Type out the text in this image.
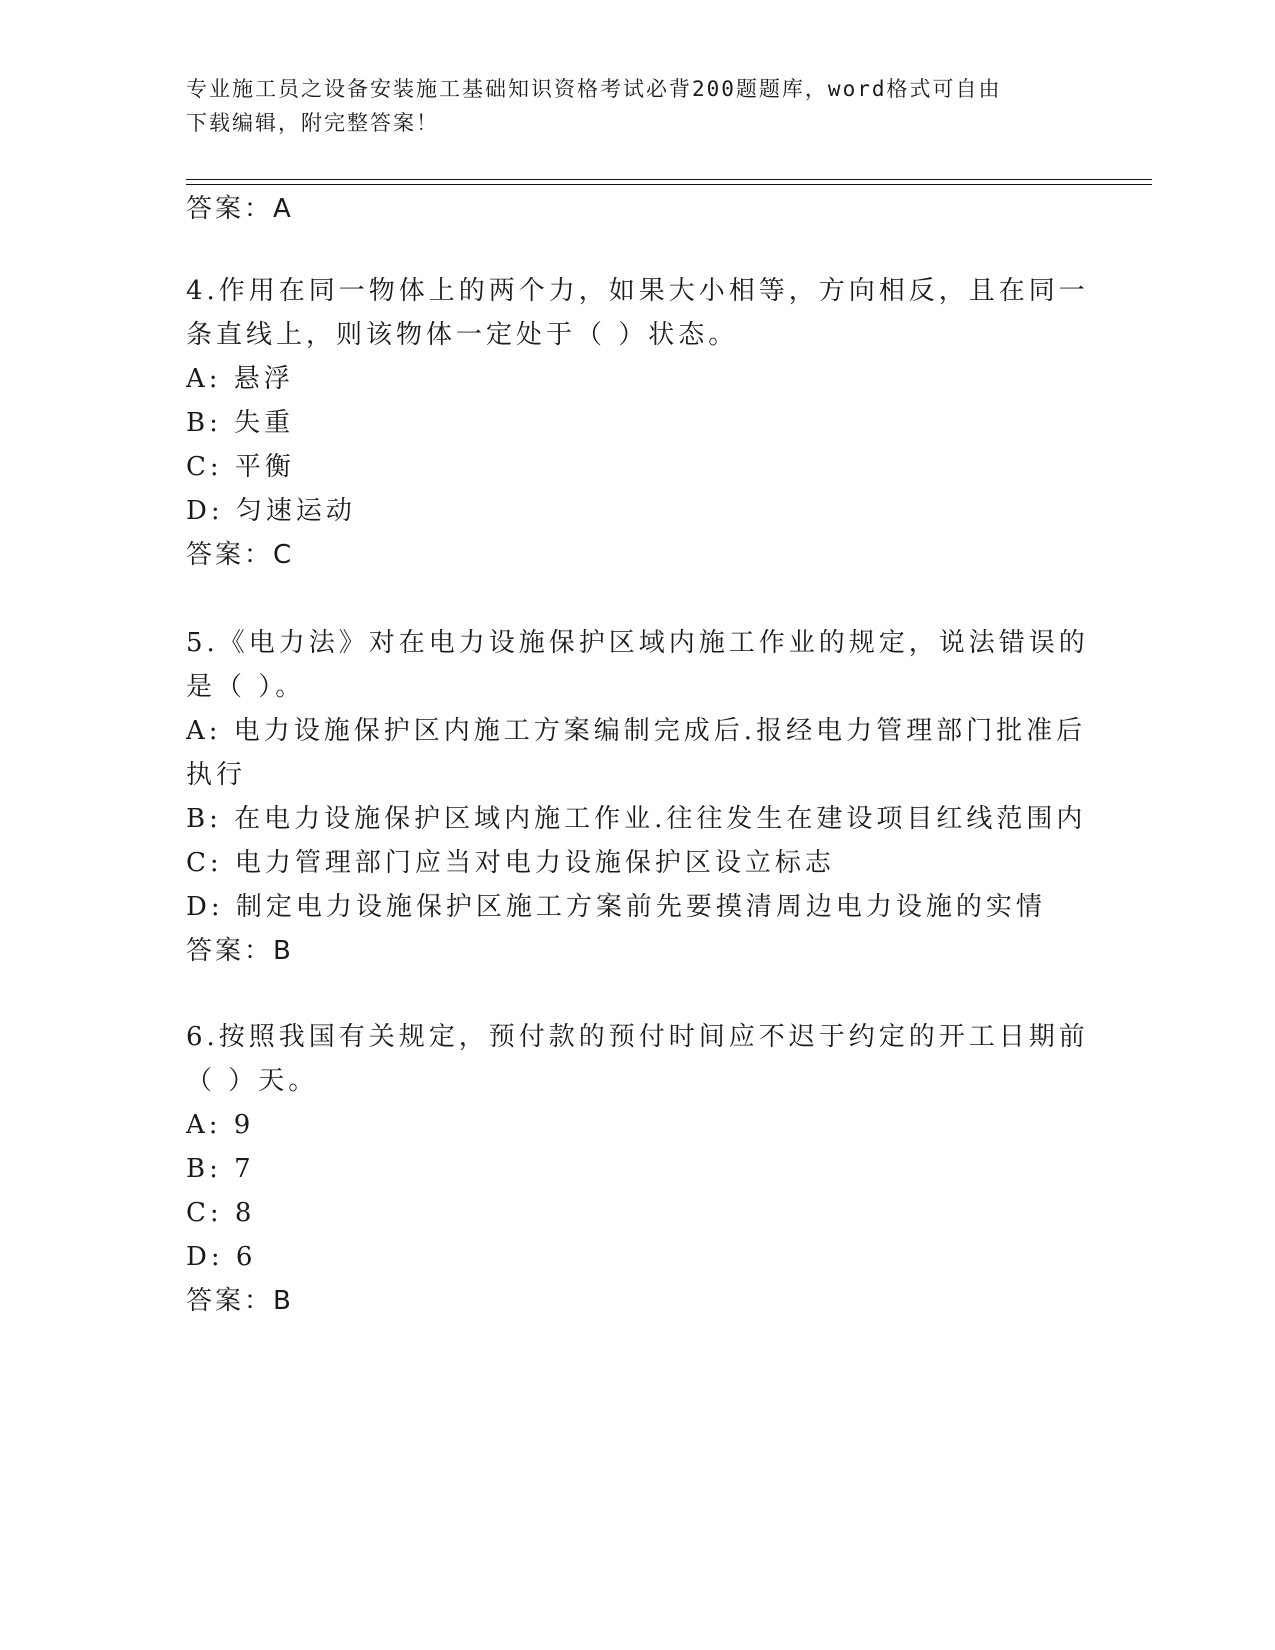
专业施工员之设备安装施工基础知识资格考试必背200题题库，word格式可自由
下载编辑，附完整答案！
答案：A
4.作用在同一物体上的两个力，如果大小相等，方向相反，且在同一
条直线上，则该物体一定处于（ ）状态。
A: 悬浮
B: 失重
C: 平衡
D: 匀速运动
答案：C
5.《电力法》对在电力设施保护区域内施工作业的规定，说法错误的
是（ ）。
A: 电力设施保护区内施工方案编制完成后.报经电力管理部门批准后
执行
B: 在电力设施保护区域内施工作业.往往发生在建设项目红线范围内
C: 电力管理部门应当对电力设施保护区设立标志
D: 制定电力设施保护区施工方案前先要摸清周边电力设施的实情
答案：B
6.按照我国有关规定，预付款的预付时间应不迟于约定的开工日期前
（ ）天。
A: 9
B: 7
C: 8
D: 6
答案：B
